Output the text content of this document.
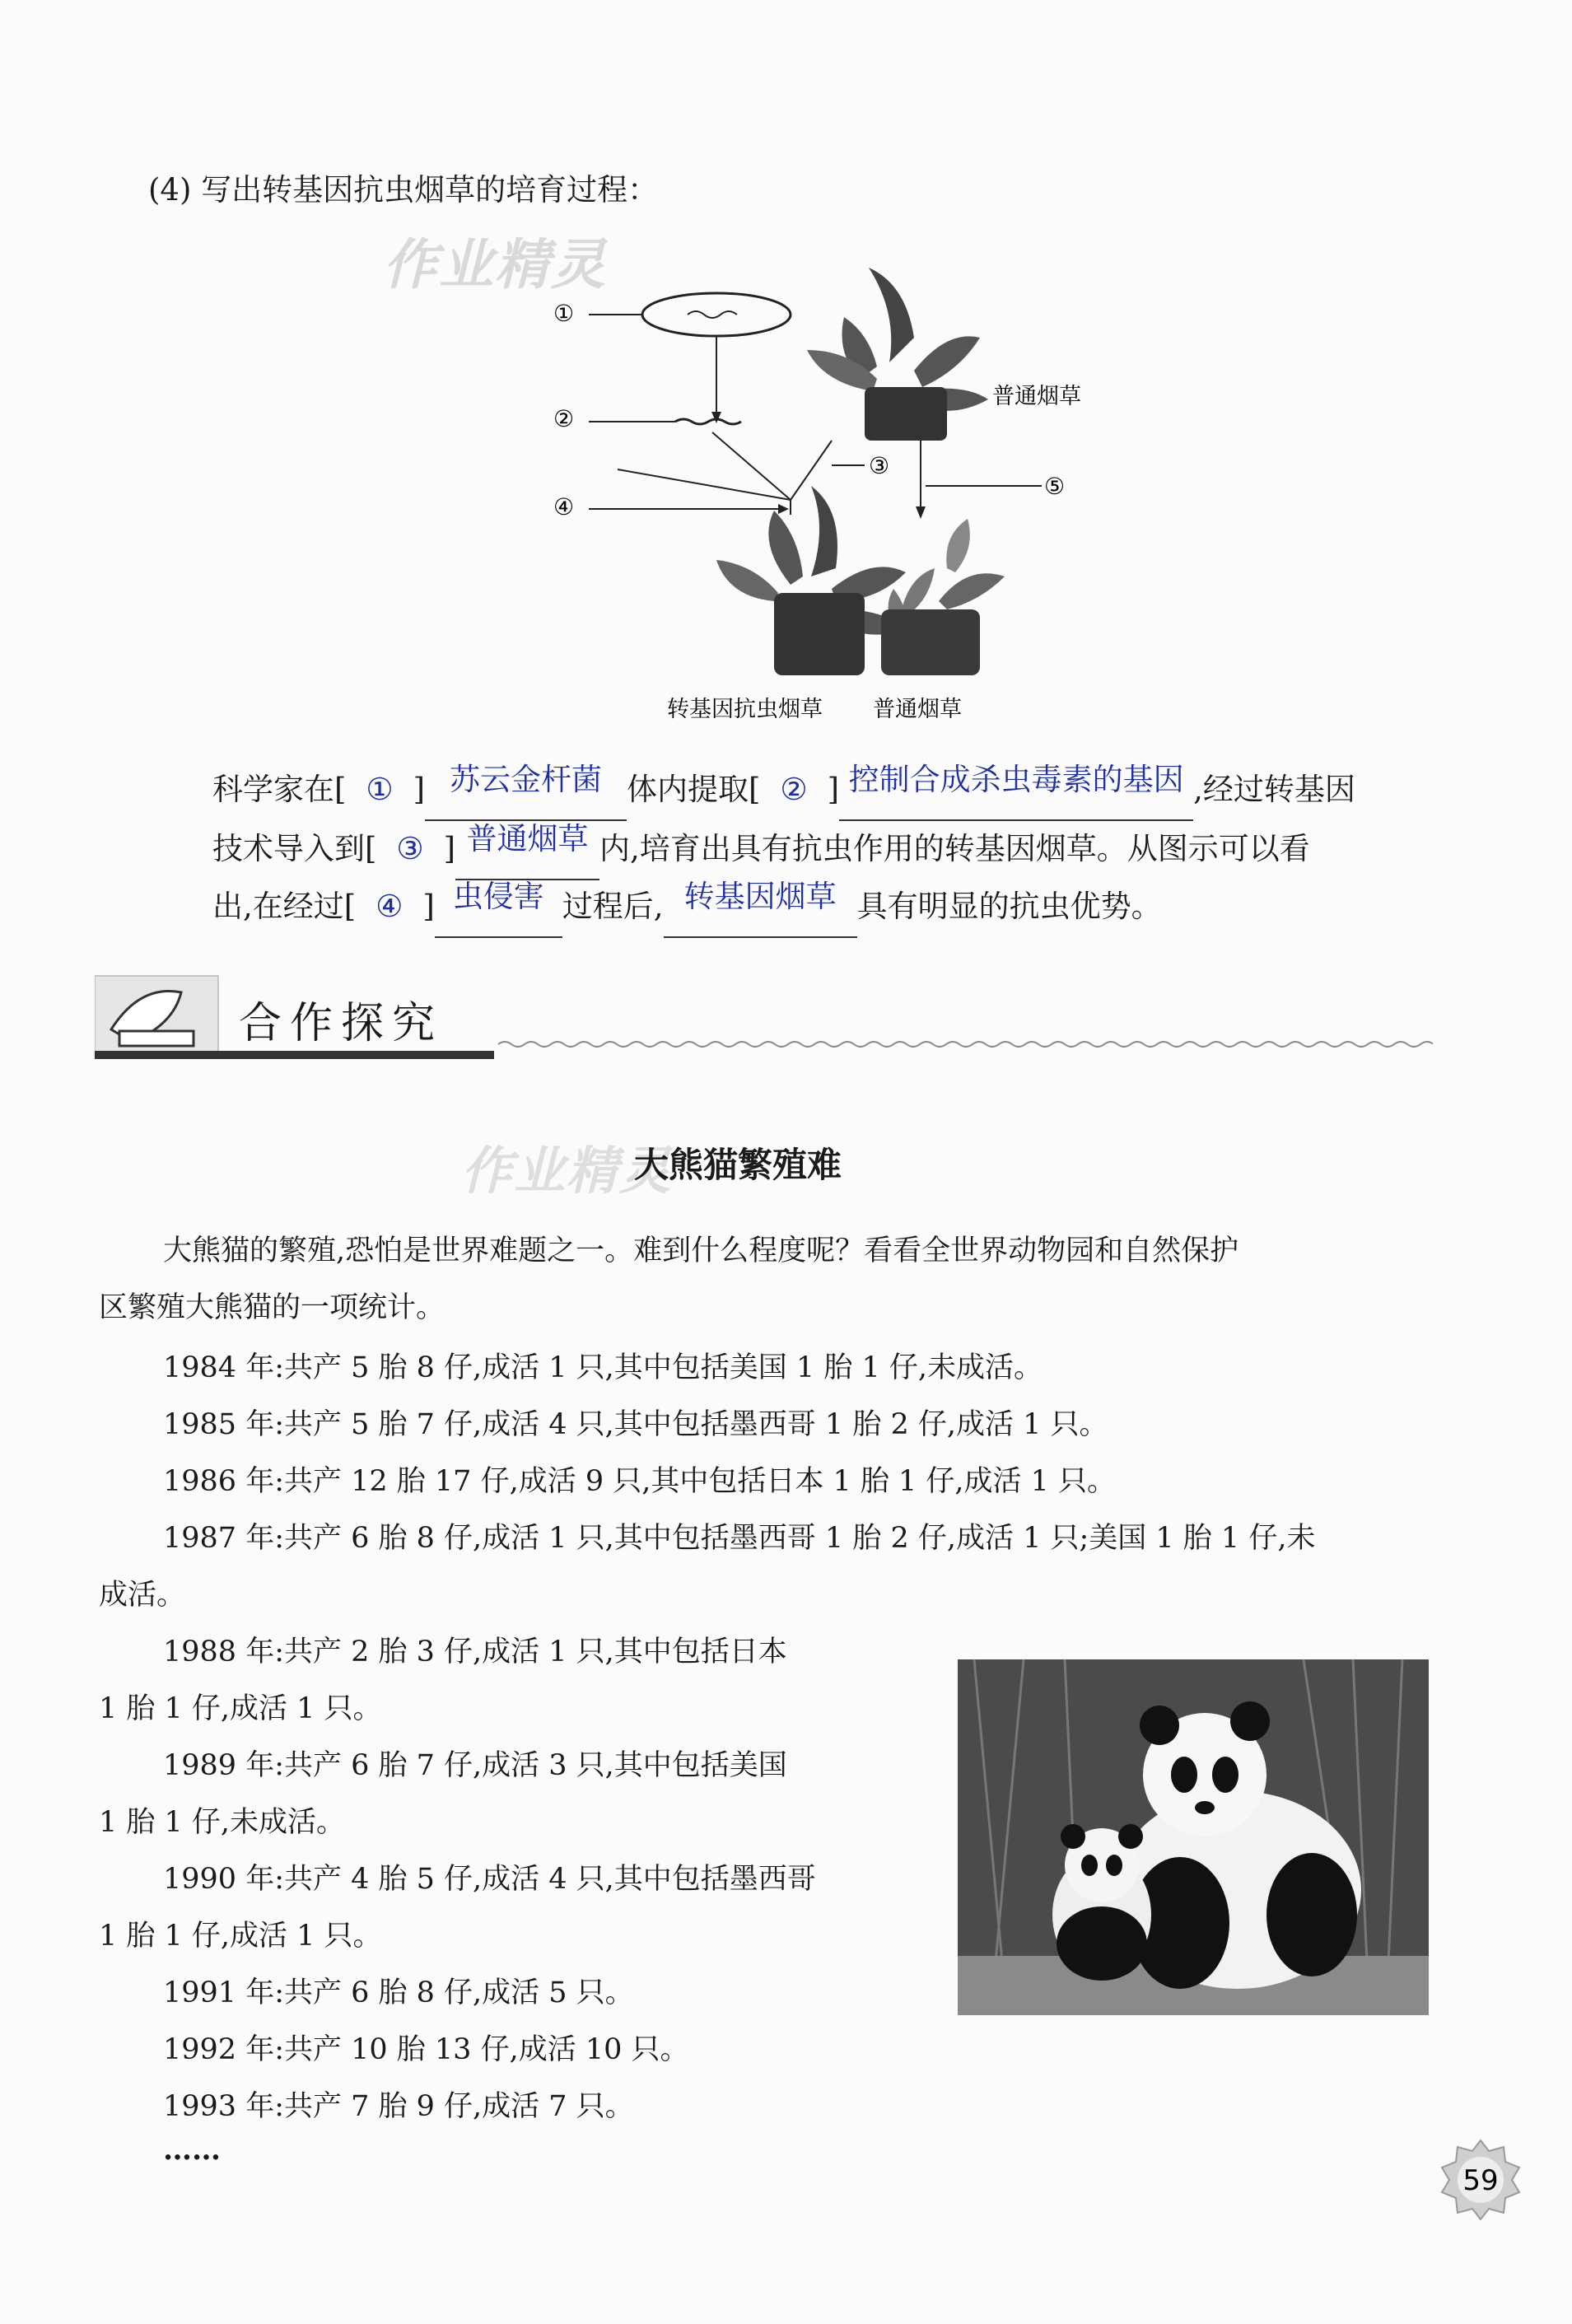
(4) 写出转基因抗虫烟草的培育过程：
作业精灵
①
②
③
④
⑤
普通烟草
转基因抗虫烟草 普通烟草
科学家在[ ① ] 苏云金杆菌 体内提取[ ② ] 控制合成杀虫毒素的基因 ,经过转基因
技术导入到[ ③ ] 普通烟草 内,培育出具有抗虫作用的转基因烟草。从图示可以看
出,在经过[ ④ ] 虫侵害 过程后, 转基因烟草 具有明显的抗虫优势。
合作探究
作业精灵
大熊猫繁殖难
大熊猫的繁殖,恐怕是世界难题之一。难到什么程度呢？看看全世界动物园和自然保护
区繁殖大熊猫的一项统计。
1984 年:共产 5 胎 8 仔,成活 1 只,其中包括美国 1 胎 1 仔,未成活。
1985 年:共产 5 胎 7 仔,成活 4 只,其中包括墨西哥 1 胎 2 仔,成活 1 只。
1986 年:共产 12 胎 17 仔,成活 9 只,其中包括日本 1 胎 1 仔,成活 1 只。
1987 年:共产 6 胎 8 仔,成活 1 只,其中包括墨西哥 1 胎 2 仔,成活 1 只;美国 1 胎 1 仔,未
成活。
1988 年:共产 2 胎 3 仔,成活 1 只,其中包括日本
1 胎 1 仔,成活 1 只。
1989 年:共产 6 胎 7 仔,成活 3 只,其中包括美国
1 胎 1 仔,未成活。
1990 年:共产 4 胎 5 仔,成活 4 只,其中包括墨西哥
1 胎 1 仔,成活 1 只。
1991 年:共产 6 胎 8 仔,成活 5 只。
1992 年:共产 10 胎 13 仔,成活 10 只。
1993 年:共产 7 胎 9 仔,成活 7 只。
……
59
